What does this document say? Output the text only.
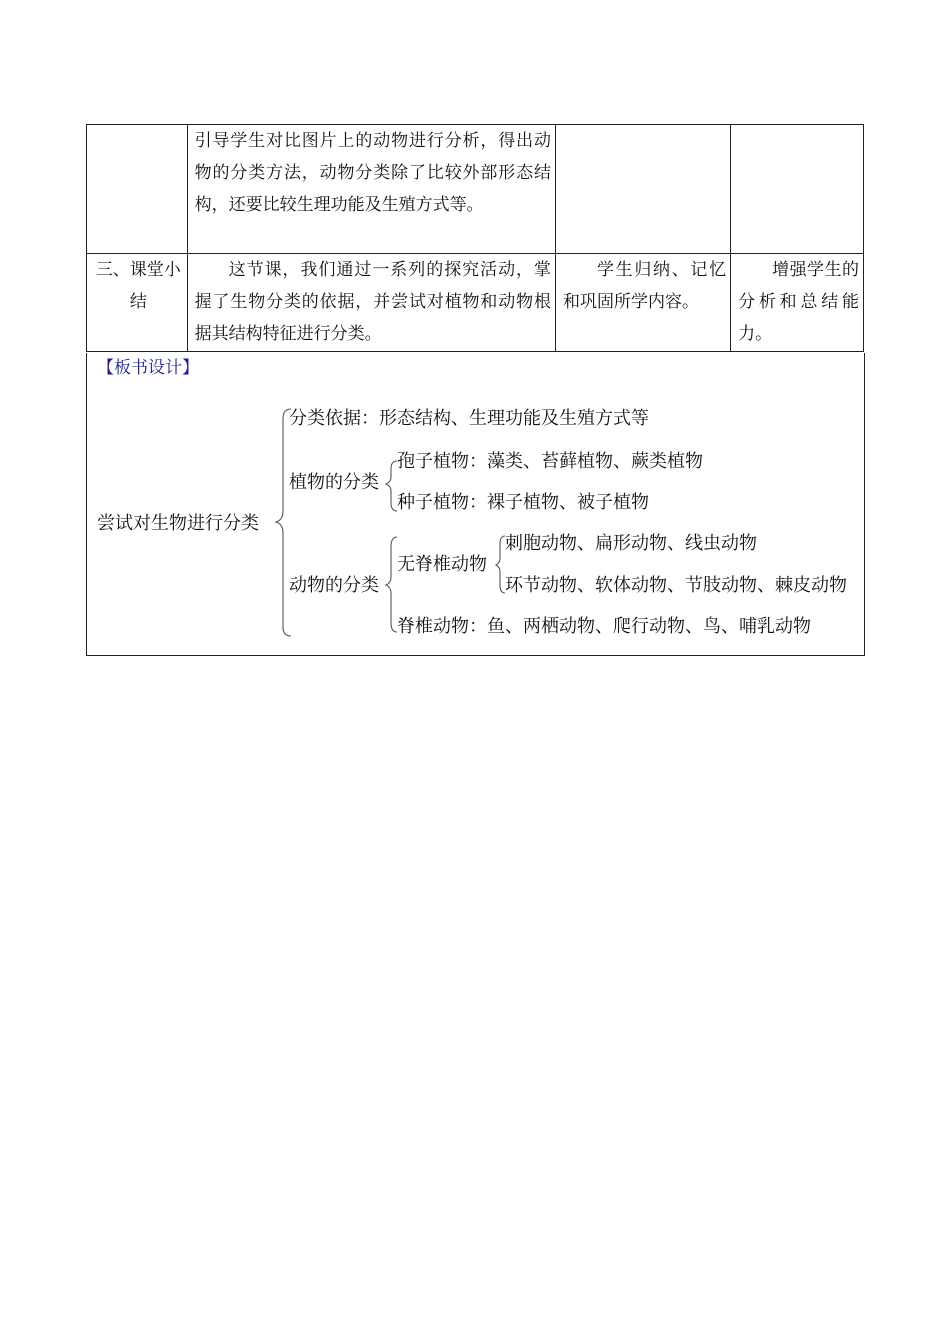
	引导学生对比图片上的动物进行分析，得出动物的分类方法，动物分类除了比较外部形态结构，还要比较生理功能及生殖方式等。		
三、课堂小结	这节课，我们通过一系列的探究活动，掌握了生物分类的依据，并尝试对植物和动物根据其结构特征进行分类。	学生归纳、记忆和巩固所学内容。	增强学生的分析和总结能力。
【板书设计】
尝试对生物进行分类
分类依据：形态结构、生理功能及生殖方式等
植物的分类
孢子植物：藻类、苔藓植物、蕨类植物
种子植物：裸子植物、被子植物
动物的分类
无脊椎动物
刺胞动物、扁形动物、线虫动物
环节动物、软体动物、节肢动物、棘皮动物
脊椎动物：鱼、两栖动物、爬行动物、鸟、哺乳动物
